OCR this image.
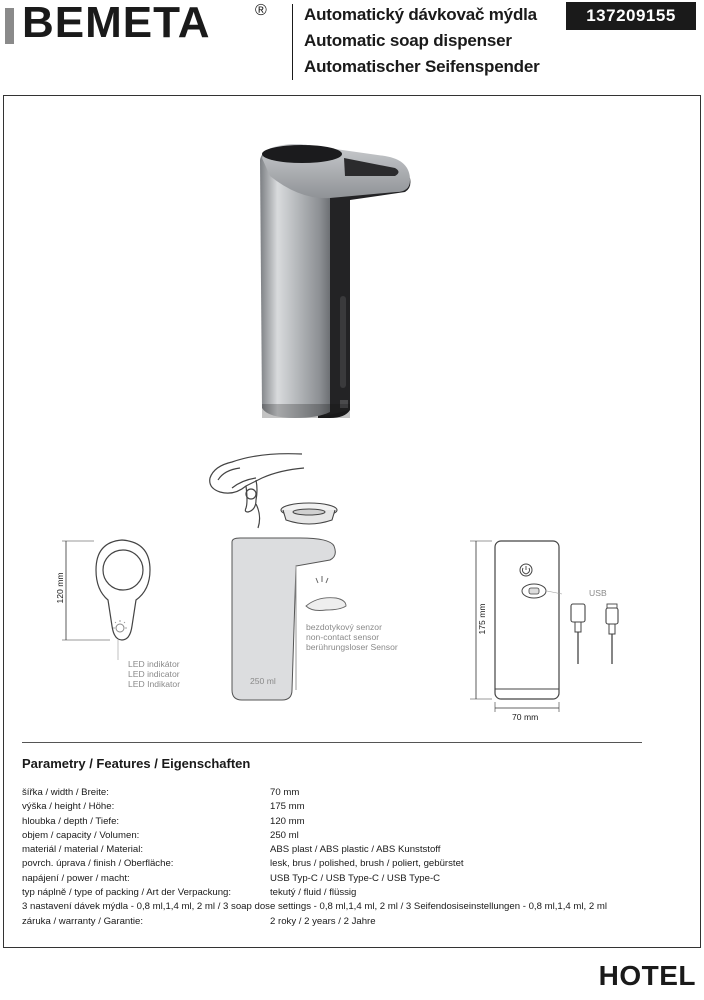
BEMETA	® Automatický dávkovač mýdla
Automatic soap dispenser
Automatischer Seifenspender
137209155
120 mm
LED indikátor
LED indicator
LED Indikator
bezdotykový senzor
non-contact sensor
berührungsloser Sensor
250 ml
USB
175 mm
70 mm
Parametry / Features / Eigenschaften
šířka / width / Breite:	70 mm
výška / height / Höhe:	175 mm
hloubka / depth / Tiefe:	120 mm
objem / capacity / Volumen:	250 ml
materiál / material / Material:	ABS plast / ABS plastic / ABS Kunststoff
povrch. úprava / finish / Oberfläche:	lesk, brus / polished, brush / poliert, gebürstet
napájení / power / macht:	USB Typ-C / USB Type-C / USB Type-C
typ náplně / type of packing / Art der Verpackung:	tekutý / fluid / flüssig
3 nastavení dávek mýdla - 0,8 ml,1,4 ml, 2 ml / 3 soap dose settings - 0,8 ml,1,4 ml, 2 ml / 3 Seifendosiseinstellungen - 0,8 ml,1,4 ml, 2 ml
záruka / warranty / Garantie:	2 roky / 2 years / 2 Jahre
HOTEL
